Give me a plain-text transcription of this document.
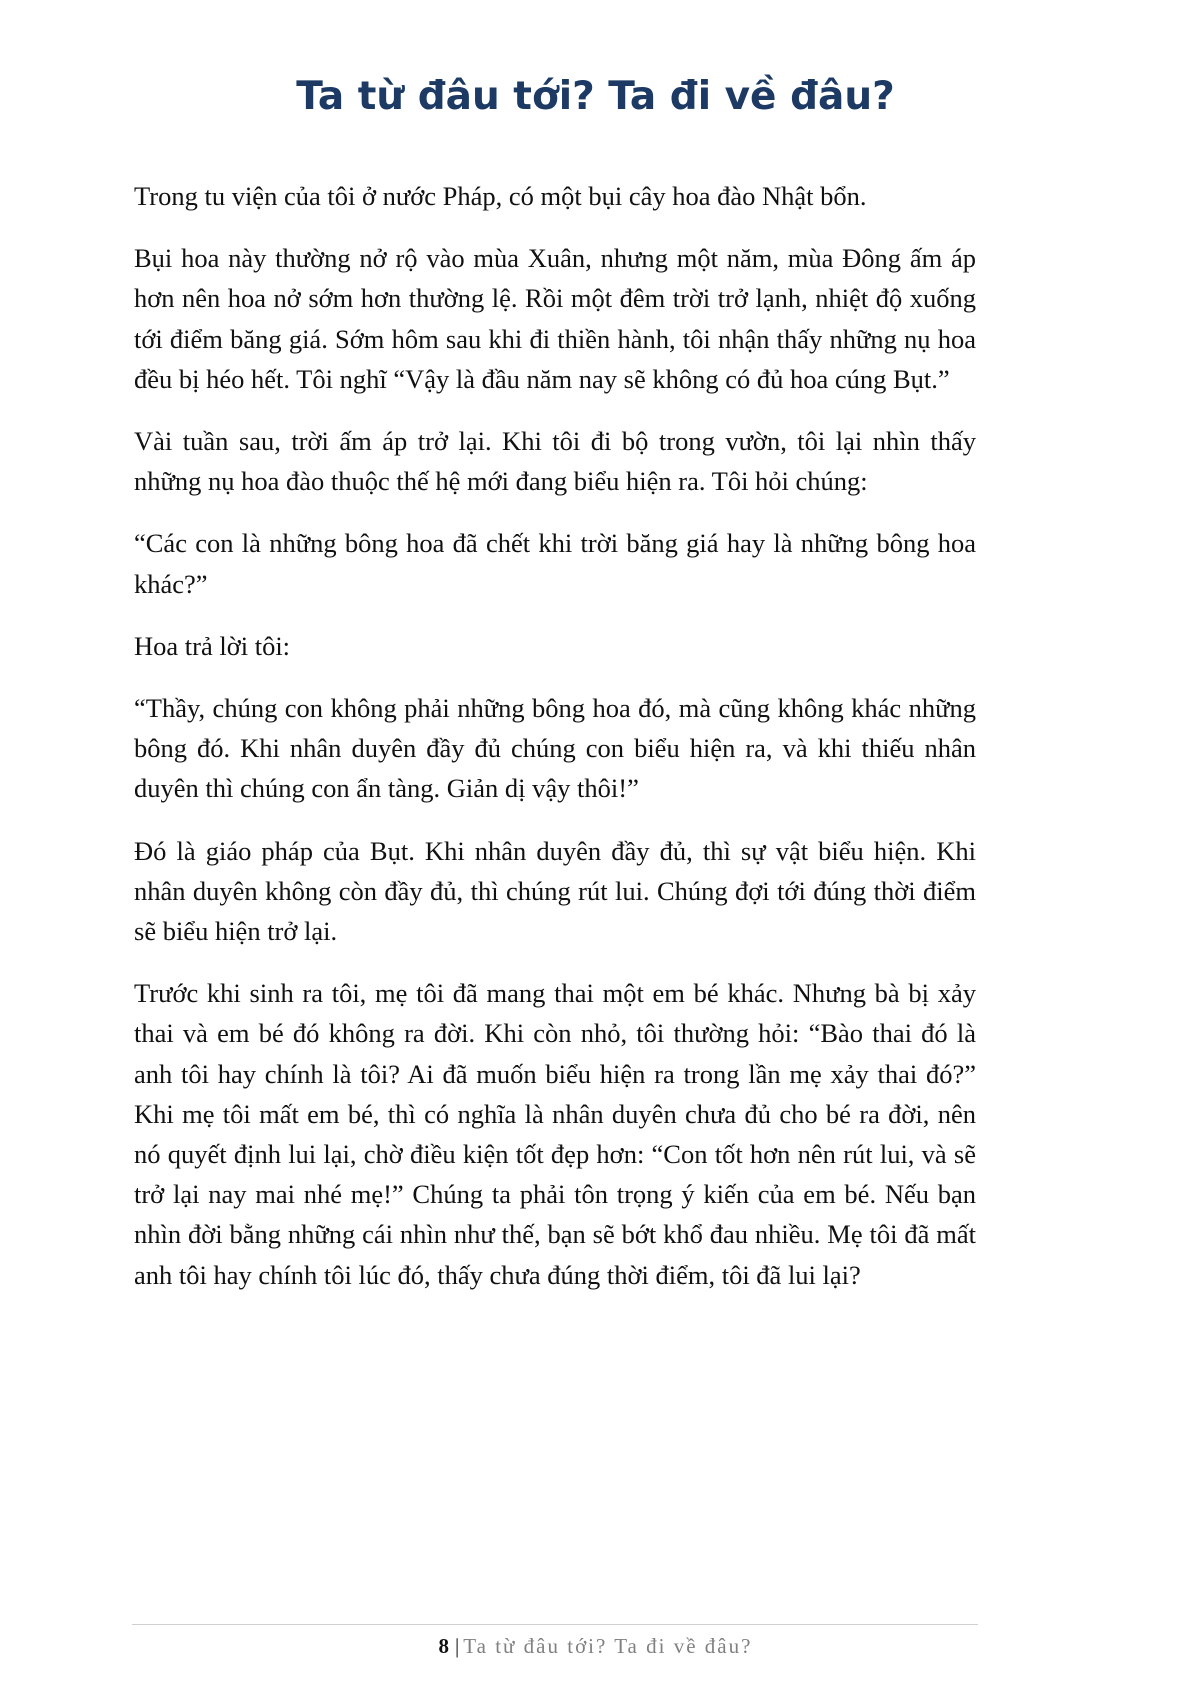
Ta từ đâu tới? Ta đi về đâu?

Trong tu viện của tôi ở nước Pháp, có một bụi cây hoa đào Nhật bổn.

Bụi hoa này thường nở rộ vào mùa Xuân, nhưng một năm, mùa Đông ấm áp hơn nên hoa nở sớm hơn thường lệ. Rồi một đêm trời trở lạnh, nhiệt độ xuống tới điểm băng giá. Sớm hôm sau khi đi thiền hành, tôi nhận thấy những nụ hoa đều bị héo hết. Tôi nghĩ “Vậy là đầu năm nay sẽ không có đủ hoa cúng Bụt.”

Vài tuần sau, trời ấm áp trở lại. Khi tôi đi bộ trong vườn, tôi lại nhìn thấy những nụ hoa đào thuộc thế hệ mới đang biểu hiện ra. Tôi hỏi chúng:

“Các con là những bông hoa đã chết khi trời băng giá hay là những bông hoa khác?”

Hoa trả lời tôi:

“Thầy, chúng con không phải những bông hoa đó, mà cũng không khác những bông đó. Khi nhân duyên đầy đủ chúng con biểu hiện ra, và khi thiếu nhân duyên thì chúng con ẩn tàng. Giản dị vậy thôi!”

Đó là giáo pháp của Bụt. Khi nhân duyên đầy đủ, thì sự vật biểu hiện. Khi nhân duyên không còn đầy đủ, thì chúng rút lui. Chúng đợi tới đúng thời điểm sẽ biểu hiện trở lại.

Trước khi sinh ra tôi, mẹ tôi đã mang thai một em bé khác. Nhưng bà bị xảy thai và em bé đó không ra đời. Khi còn nhỏ, tôi thường hỏi: “Bào thai đó là anh tôi hay chính là tôi? Ai đã muốn biểu hiện ra trong lần mẹ xảy thai đó?” Khi mẹ tôi mất em bé, thì có nghĩa là nhân duyên chưa đủ cho bé ra đời, nên nó quyết định lui lại, chờ điều kiện tốt đẹp hơn: “Con tốt hơn nên rút lui, và sẽ trở lại nay mai nhé mẹ!” Chúng ta phải tôn trọng ý kiến của em bé. Nếu bạn nhìn đời bằng những cái nhìn như thế, bạn sẽ bớt khổ đau nhiều. Mẹ tôi đã mất anh tôi hay chính tôi lúc đó, thấy chưa đúng thời điểm, tôi đã lui lại?

8 | Ta từ đâu tới? Ta đi về đâu?
